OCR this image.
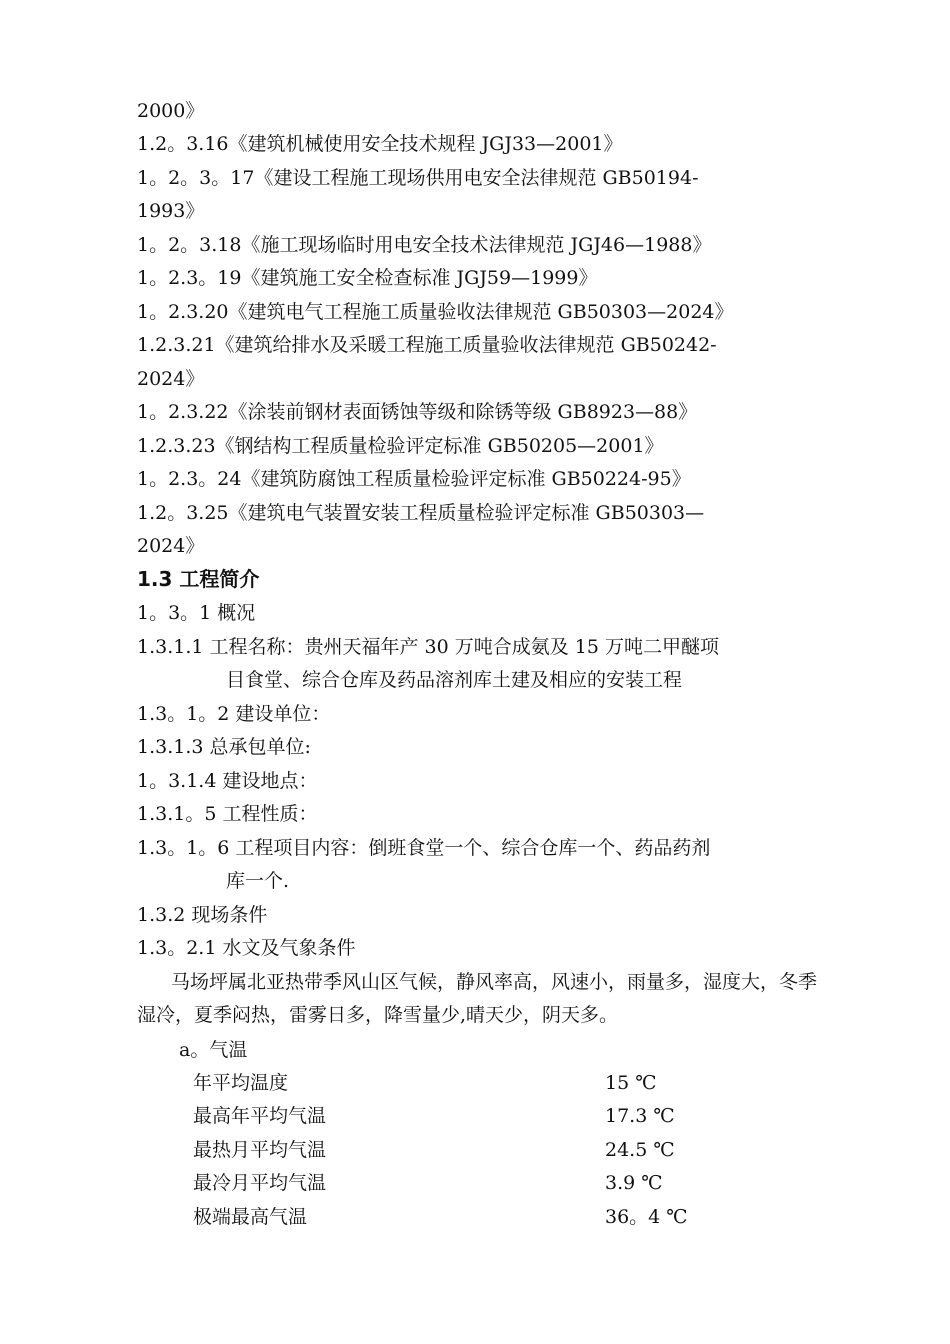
2000》
1.2。3.16《建筑机械使用安全技术规程 JGJ33—2001》
1。2。3。17《建设工程施工现场供用电安全法律规范 GB50194-
1993》
1。2。3.18《施工现场临时用电安全技术法律规范 JGJ46—1988》
1。2.3。19《建筑施工安全检查标准 JGJ59—1999》
1。2.3.20《建筑电气工程施工质量验收法律规范 GB50303—2024》
1.2.3.21《建筑给排水及采暖工程施工质量验收法律规范 GB50242-
2024》
1。2.3.22《涂装前钢材表面锈蚀等级和除锈等级 GB8923—88》
1.2.3.23《钢结构工程质量检验评定标准 GB50205—2001》
1。2.3。24《建筑防腐蚀工程质量检验评定标准 GB50224-95》
1.2。3.25《建筑电气装置安装工程质量检验评定标准 GB50303—
2024》
1.3 工程简介
1。3。1 概况
1.3.1.1 工程名称：贵州天福年产 30 万吨合成氨及 15 万吨二甲醚项
目食堂、综合仓库及药品溶剂库土建及相应的安装工程
1.3。1。2 建设单位：
1.3.1.3 总承包单位:
1。3.1.4 建设地点：
1.3.1。5 工程性质：
1.3。1。6 工程项目内容：倒班食堂一个、综合仓库一个、药品药剂
库一个.
1.3.2 现场条件
1.3。2.1 水文及气象条件
马场坪属北亚热带季风山区气候，静风率高，风速小，雨量多，湿度大，冬季湿冷，夏季闷热，雷雾日多，降雪量少,晴天少，阴天多。
a。气温
年平均温度	15 ℃
最高年平均气温	17.3 ℃
最热月平均气温	24.5 ℃
最冷月平均气温	3.9 ℃
极端最高气温	36。4 ℃
